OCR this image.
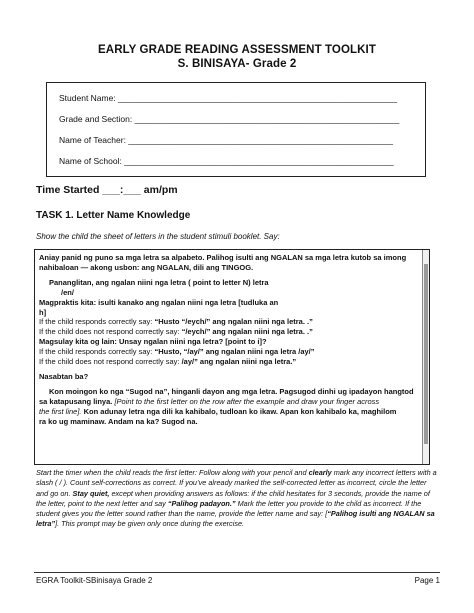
EARLY GRADE READING ASSESSMENT TOOLKIT
S. BINISAYA- Grade 2
Student Name: ___________________________________________________________
Grade and Section: ________________________________________________________
Name of Teacher: ________________________________________________________
Name of School: _________________________________________________________
Time Started ___:___ am/pm
TASK 1. Letter Name Knowledge
Show the child the sheet of letters in the student stimuli booklet. Say:

Aniay panid ng puno sa mga letra sa alpabeto. Palihog isulti ang NGALAN sa mga letra kutob sa imong

nahibaloan — akong usbon: ang NGALAN, dili ang TINGOG.

Pananglitan, ang ngalan niini nga letra ( point to letter N) letra

/en/

Magpraktis kita: isulti kanako ang ngalan niini nga letra [tudluka an

h]

If the child responds correctly say: “Husto “/eych/” ang ngalan niini nga letra. .”

If the child does not respond correctly say: “/eych/” ang ngalan niini nga letra. .”

Magsulay kita og lain: Unsay ngalan niini nga letra? [point to i]?

If the child responds correctly say: “Husto, “/ay/” ang ngalan niini nga letra /ay/”

If the child does not respond correctly say: /ay/” ang ngalan niini nga letra.”

Nasabtan ba?

Kon moingon ko nga “Sugod na”, hinganli dayon ang mga letra. Pagsugod dinhi ug ipadayon hangtod

sa katapusang linya. [Point to the first letter on the row after the example and draw your finger across

the first line]. Kon adunay letra nga dili ka kahibalo, tudloan ko ikaw. Apan kon kahibalo ka, maghilom

ra ko ug maminaw. Andam na ka? Sugod na.

Start the timer when the child reads the first letter: Follow along with your pencil and clearly mark any incorrect letters with a slash ( / ). Count self-corrections as correct. If you’ve already marked the self-corrected letter as incorrect, circle the letter and go on. Stay quiet, except when providing answers as follows: if the child hesitates for 3 seconds, provide the name of the letter, point to the next letter and say “Palihog padayon.” Mark the letter you provide to the child as incorrect. If the student gives you the letter sound rather than the name, provide the letter name and say: [“Palihog isulti ang NGALAN sa letra”]. This prompt may be given only once during the exercise.
EGRA Toolkit-SBinisaya Grade 2	Page 1
